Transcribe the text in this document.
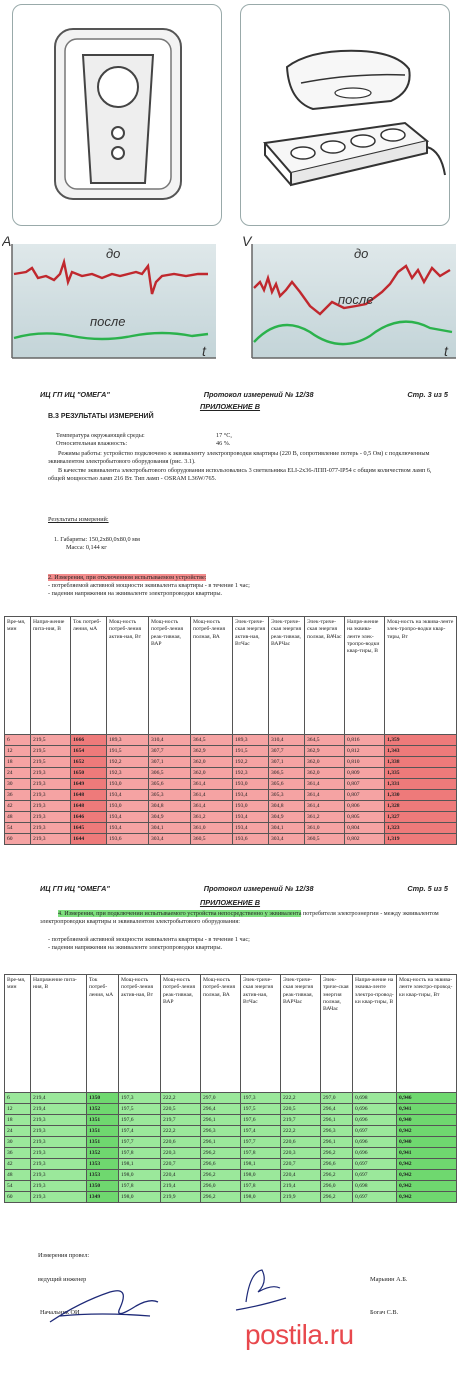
A
t
до
после
V
t
до
после
ИЦ ГП ИЦ "ОМЕГА"	Протокол измерений № 12/38	Стр. 3 из 5
ПРИЛОЖЕНИЕ В
В.3 РЕЗУЛЬТАТЫ ИЗМЕРЕНИЙ
Температура окружающей среды:	17 °С,
Относительная влажность:	46 %.
Режимы работы: устройство подключено к эквиваленту электропроводки квартиры (220 В, сопротивление потерь - 0,5 Ом) с подключенным эквивалентом электробытового оборудования (рис. 3.1).
В качестве эквивалента электробытового оборудования использовались 3 светильника ELI-2х36-ЛПП-077-IP54 с общим количеством ламп 6, общей мощностью ламп 216 Вт. Тип ламп - OSRAM L36W/765.
Результаты измерений:
1. Габариты: 150,2х80,0х80,0 мм
Масса: 0,144 кг
2. Измерения, при отключенном испытываемом устройстве:
- потребляемой активной мощности эквивалента квартиры - в течение 1 час;
- падения напряжения на эквиваленте электропроводки квартиры.
Вре-мя, мин	Напря-жение пита-ния, В	Ток потреб-ления, мА	Мощ-ность потреб-ления актив-ная, Вт	Мощ-ность потреб-ления реак-тивная, ВАР	Мощ-ность потреб-ления полная, ВА	Элек-триче-ская энергия актив-ная, ВтЧас	Элек-триче-ская энергия реак-тивная, ВАРЧас	Элек-триче-ская энергия полная, ВАЧас	Напря-жение на эквива-ленте элек-тропро-водки квар-тиры, В	Мощ-ность на эквива-ленте элек-тропро-водки квар-тиры, Вт
6	219,5	1666	189,3	310,4	364,5	189,3	310,4	364,5	0,816	1,359
12	219,5	1654	191,5	307,7	362,9	191,5	307,7	362,9	0,812	1,343
18	219,5	1652	192,2	307,1	362,0	192,2	307,1	362,0	0,810	1,338
24	219,3	1650	192,3	306,5	362,0	192,3	306,5	362,0	0,809	1,335
30	219,3	1649	193,0	305,6	361,4	193,0	305,6	361,4	0,807	1,331
36	219,3	1648	193,4	305,3	361,4	193,4	305,3	361,4	0,807	1,330
42	219,3	1648	193,0	304,8	361,4	193,0	304,8	361,4	0,806	1,328
48	219,3	1646	193,4	304,9	361,2	193,4	304,9	361,2	0,805	1,327
54	219,3	1645	193,4	304,1	361,0	193,4	304,1	361,0	0,804	1,323
60	219,3	1644	193,6	303,4	360,5	193,6	303,4	360,5	0,802	1,319
ИЦ ГП ИЦ "ОМЕГА"	Протокол измерений № 12/38	Стр. 5 из 5
ПРИЛОЖЕНИЕ В
4. Измерения, при подключении испытываемого устройства непосредственно у эквивалента потребителя электроэнергии - между эквивалентом электропроводки квартиры и эквивалентом электробытового оборудования:
- потребляемой активной мощности эквивалента квартиры - в течение 1 час;
- падения напряжения на эквиваленте электропроводки квартиры.
Вре-мя, мин	Напряжение пита-ния, В	Ток потреб-ления, мА	Мощ-ность потреб-ления актив-ная, Вт	Мощ-ность потреб-ления реак-тивная, ВАР	Мощ-ность потреб-ления полная, ВА	Элек-триче-ская энергия актив-ная, ВтЧас	Элек-триче-ская энергия реак-тивная, ВАРЧас	Элек-триче-ская энергия полная, ВАЧас	Напря-жение на эквива-ленте электро-провод-ки квар-тиры, В	Мощ-ность на эквива-ленте электро-провод-ки квар-тиры, Вт
6	219,4	1350	197,3	222,2	297,0	197,3	222,2	297,0	0,698	0,946
12	219,4	1352	197,5	220,5	296,4	197,5	220,5	296,4	0,696	0,941
18	219,3	1351	197,6	219,7	296,1	197,6	219,7	296,1	0,696	0,940
24	219,3	1351	197,4	222,2	296,3	197,4	222,2	296,3	0,697	0,942
30	219,3	1351	197,7	220,6	296,1	197,7	220,6	296,1	0,696	0,940
36	219,3	1352	197,8	220,3	296,2	197,8	220,3	296,2	0,696	0,941
42	219,3	1353	198,1	220,7	296,6	198,1	220,7	296,6	0,697	0,942
48	219,3	1353	198,0	220,4	296,2	198,0	220,4	296,2	0,697	0,942
54	219,3	1350	197,8	219,4	296,0	197,8	219,4	296,0	0,698	0,942
60	219,3	1349	198,0	219,9	296,2	198,0	219,9	296,2	0,697	0,942
Измерения провел:
ведущий инженер	Марьиин А.Б.
Начальник ОИ	Богач С.В.
postila.ru
